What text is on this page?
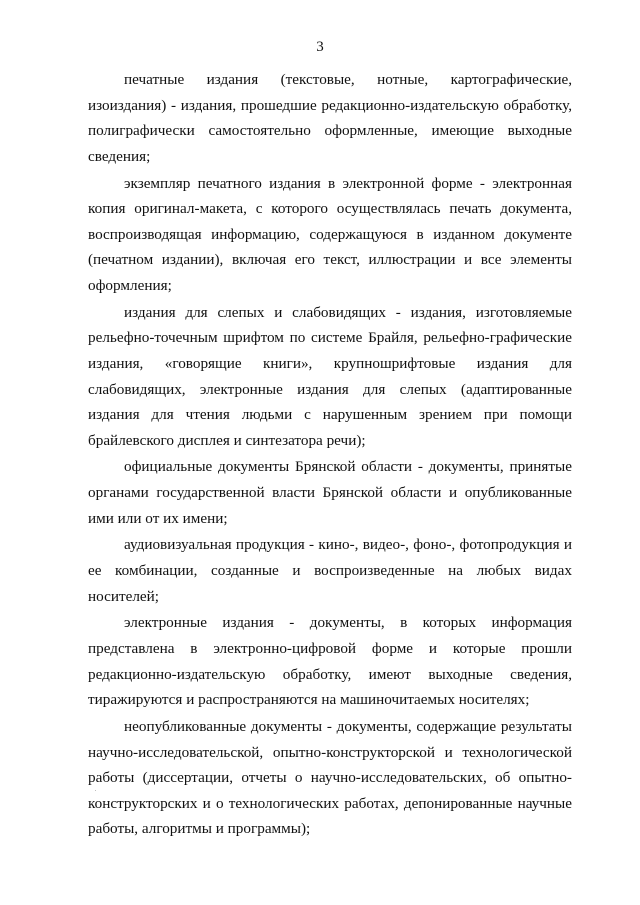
3

печатные издания (текстовые, нотные, картографические, изоиздания) - издания, прошедшие редакционно-издательскую обработку, полиграфически самостоятельно оформленные, имеющие выходные сведения;

экземпляр печатного издания в электронной форме - электронная копия оригинал-макета, с которого осуществлялась печать документа, воспроизводящая информацию, содержащуюся в изданном документе (печатном издании), включая его текст, иллюстрации и все элементы оформления;

издания для слепых и слабовидящих - издания, изготовляемые рельефно-точечным шрифтом по системе Брайля, рельефно-графические издания, «говорящие книги», крупношрифтовые издания для слабовидящих, электронные издания для слепых (адаптированные издания для чтения людьми с нарушенным зрением при помощи брайлевского дисплея и синтезатора речи);

официальные документы Брянской области - документы, принятые органами государственной власти Брянской области и опубликованные ими или от их имени;

аудиовизуальная продукция - кино-, видео-, фоно-, фотопродукция и ее комбинации, созданные и воспроизведенные на любых видах носителей;

электронные издания - документы, в которых информация представлена в электронно-цифровой форме и которые прошли редакционно-издательскую обработку, имеют выходные сведения, тиражируются и распространяются на машиночитаемых носителях;

неопубликованные документы - документы, содержащие результаты научно-исследовательской, опытно-конструкторской и технологической работы (диссертации, отчеты о научно-исследовательских, об опытно-конструкторских и о технологических работах, депонированные научные работы, алгоритмы и программы);
